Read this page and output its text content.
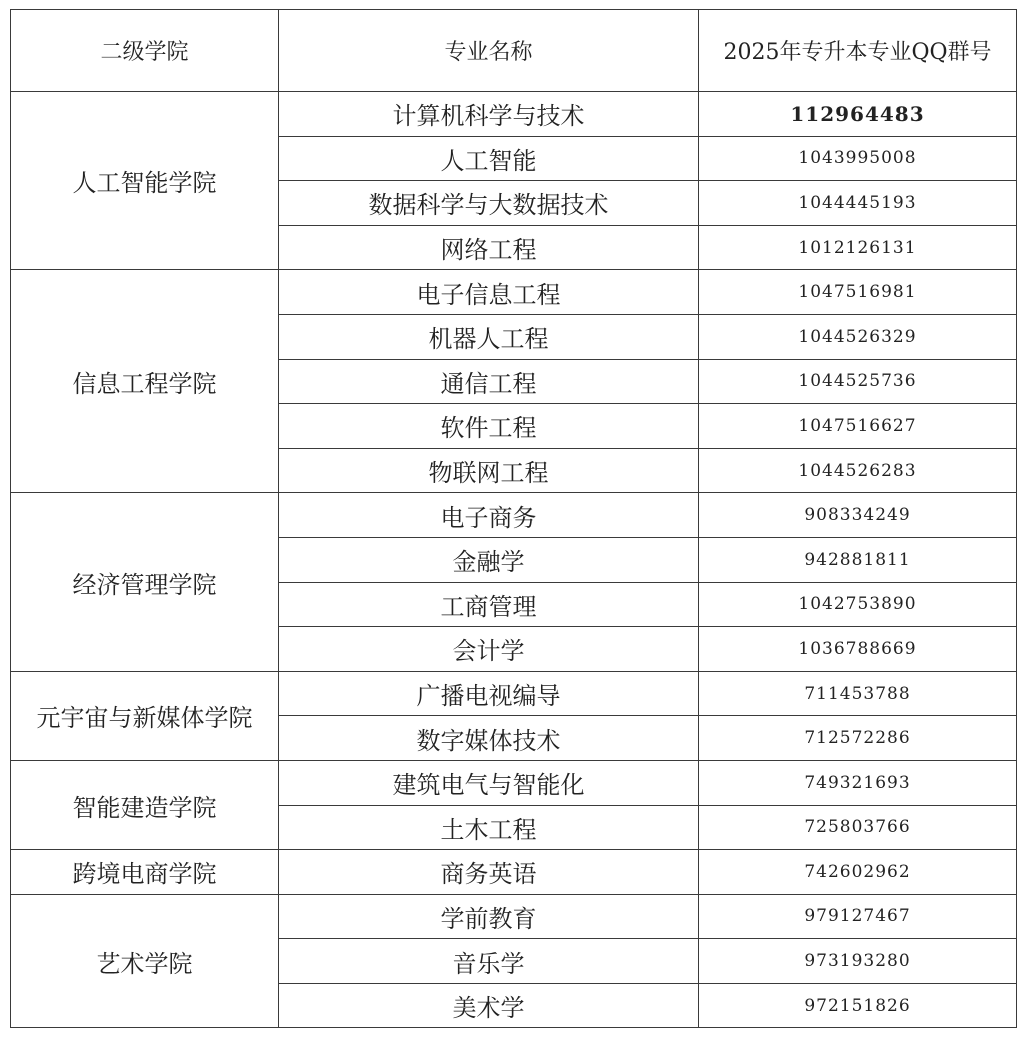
二级学院	专业名称	2025年专升本专业QQ群号
人工智能学院	计算机科学与技术	112964483
	人工智能	1043995008
	数据科学与大数据技术	1044445193
	网络工程	1012126131
信息工程学院	电子信息工程	1047516981
	机器人工程	1044526329
	通信工程	1044525736
	软件工程	1047516627
	物联网工程	1044526283
经济管理学院	电子商务	908334249
	金融学	942881811
	工商管理	1042753890
	会计学	1036788669
元宇宙与新媒体学院	广播电视编导	711453788
	数字媒体技术	712572286
智能建造学院	建筑电气与智能化	749321693
	土木工程	725803766
跨境电商学院	商务英语	742602962
艺术学院	学前教育	979127467
	音乐学	973193280
	美术学	972151826
